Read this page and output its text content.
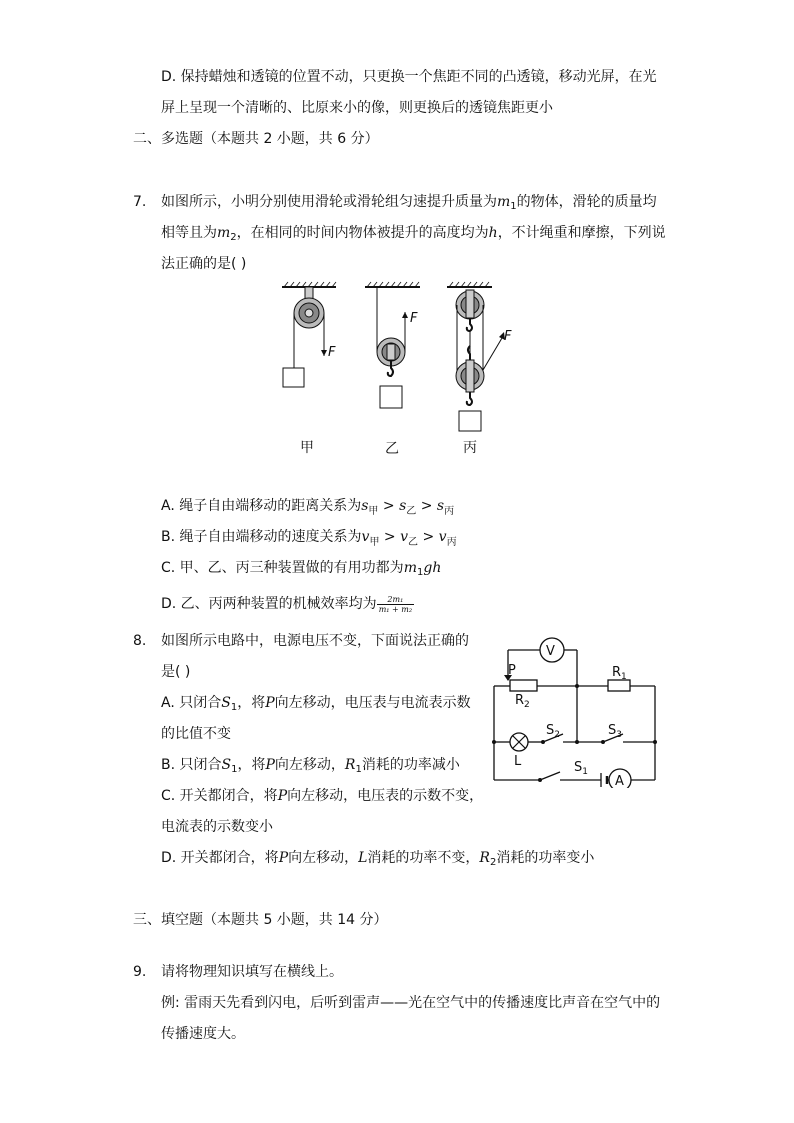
D. 保持蜡烛和透镜的位置不动，只更换一个焦距不同的凸透镜，移动光屏，在光
屏上呈现一个清晰的、比原来小的像，则更换后的透镜焦距更小
二、多选题（本题共 2 小题，共 6 分）
7. 如图所示，小明分别使用滑轮或滑轮组匀速提升质量为$m_1$的物体，滑轮的质量均
相等且为$m_2$，在相同的时间内物体被提升的高度均为h，不计绳重和摩擦，下列说
法正确的是( )
F
甲
F
乙
F
丙
A. 绳子自由端移动的距离关系为$s_甲 > s_乙 > s_丙$
B. 绳子自由端移动的速度关系为$v_甲 > v_乙 > v_丙$
C. 甲、乙、丙三种装置做的有用功都为$m_1gh$
D. 乙、丙两种装置的机械效率均为 $\frac{\text{2m₁}}{\text{m₁ + m₂}}$
8. 如图所示电路中，电源电压不变，下面说法正确的
是( )
A. 只闭合$S_1$，将P向左移动，电压表与电流表示数
的比值不变
B. 只闭合$S_1$，将P向左移动，$R_1$消耗的功率减小
C. 开关都闭合，将P向左移动，电压表的示数不变，
电流表的示数变小
D. 开关都闭合，将P向左移动，L消耗的功率不变，$R_2$消耗的功率变小
V
A
P	$R_1$
$R_2$
$S_2$	$S_3$
L	$S_1$
三、填空题（本题共 5 小题，共 14 分）
9. 请将物理知识填写在横线上。
例: 雷雨天先看到闪电，后听到雷声——光在空气中的传播速度比声音在空气中的
传播速度大。
